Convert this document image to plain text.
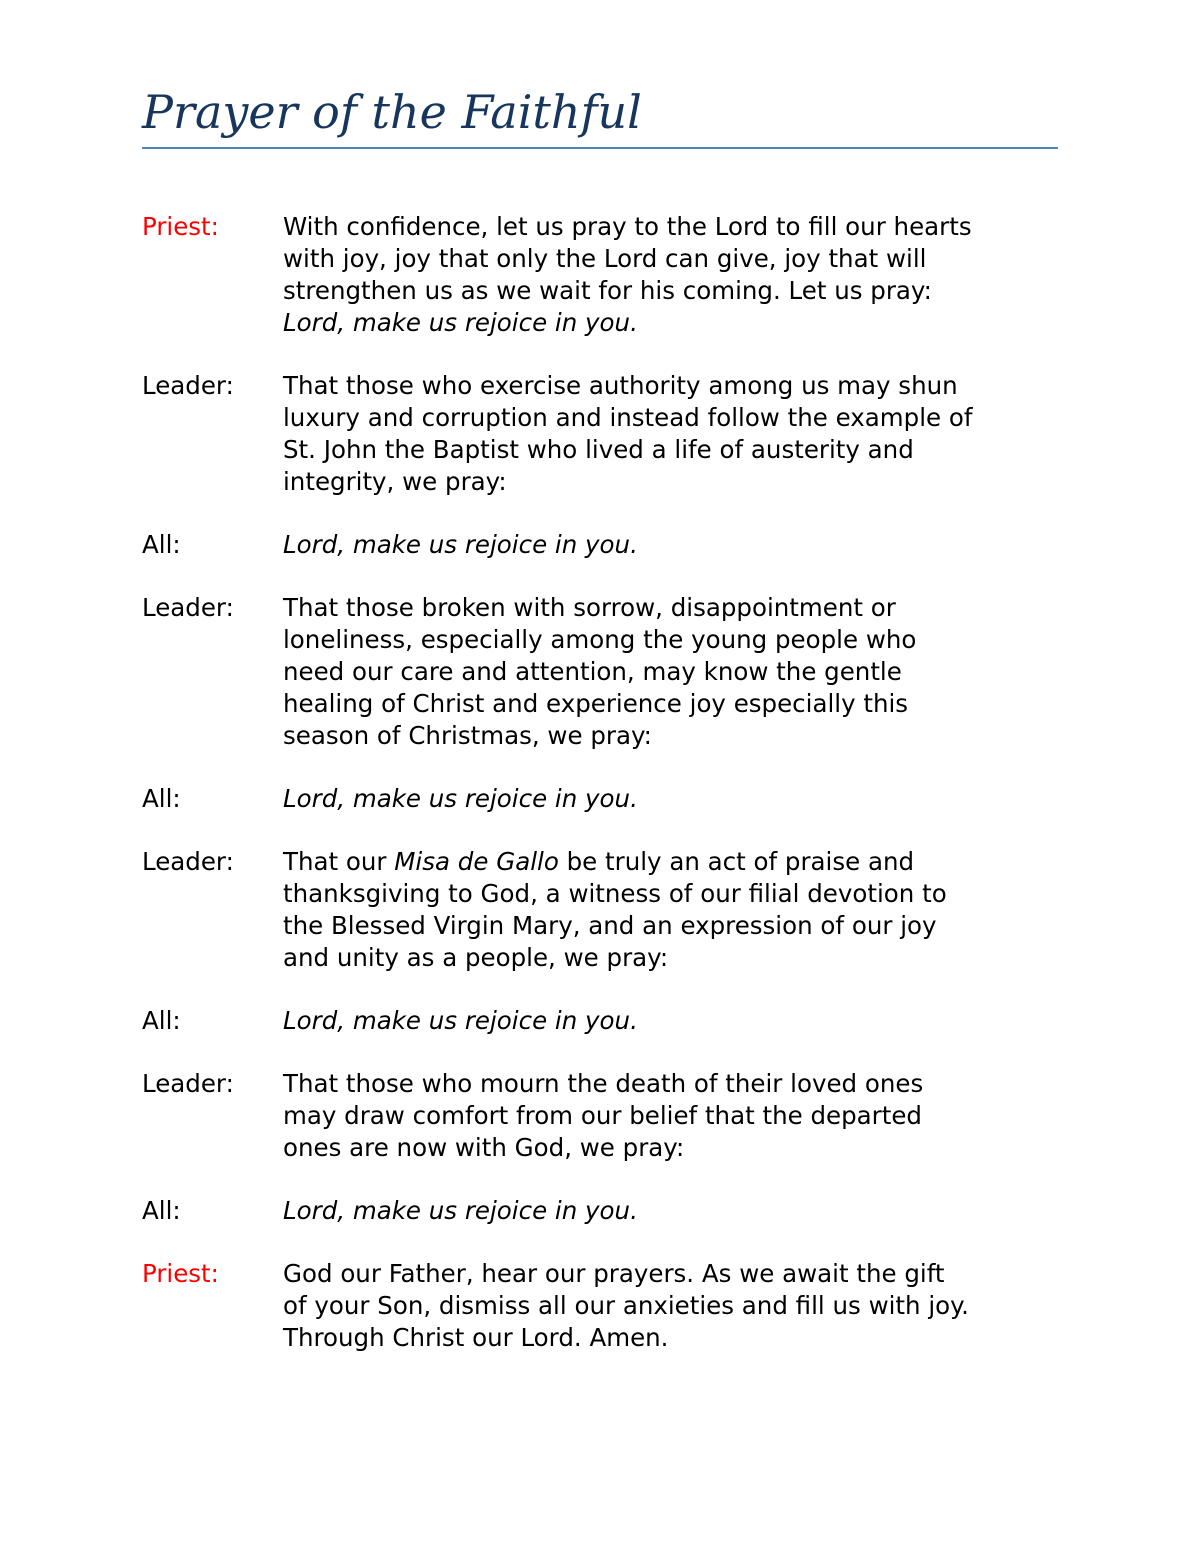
Prayer of the Faithful
Priest:	With confidence, let us pray to the Lord to fill our hearts
with joy, joy that only the Lord can give, joy that will
strengthen us as we wait for his coming. Let us pray:
Lord, make us rejoice in you.
Leader:	That those who exercise authority among us may shun
luxury and corruption and instead follow the example of
St. John the Baptist who lived a life of austerity and
integrity, we pray:
All:	Lord, make us rejoice in you.
Leader:	That those broken with sorrow, disappointment or
loneliness, especially among the young people who
need our care and attention, may know the gentle
healing of Christ and experience joy especially this
season of Christmas, we pray:
All:	Lord, make us rejoice in you.
Leader:	That our Misa de Gallo be truly an act of praise and
thanksgiving to God, a witness of our filial devotion to
the Blessed Virgin Mary, and an expression of our joy
and unity as a people, we pray:
All:	Lord, make us rejoice in you.
Leader:	That those who mourn the death of their loved ones
may draw comfort from our belief that the departed
ones are now with God, we pray:
All:	Lord, make us rejoice in you.
Priest:	God our Father, hear our prayers. As we await the gift
of your Son, dismiss all our anxieties and fill us with joy.
Through Christ our Lord. Amen.
